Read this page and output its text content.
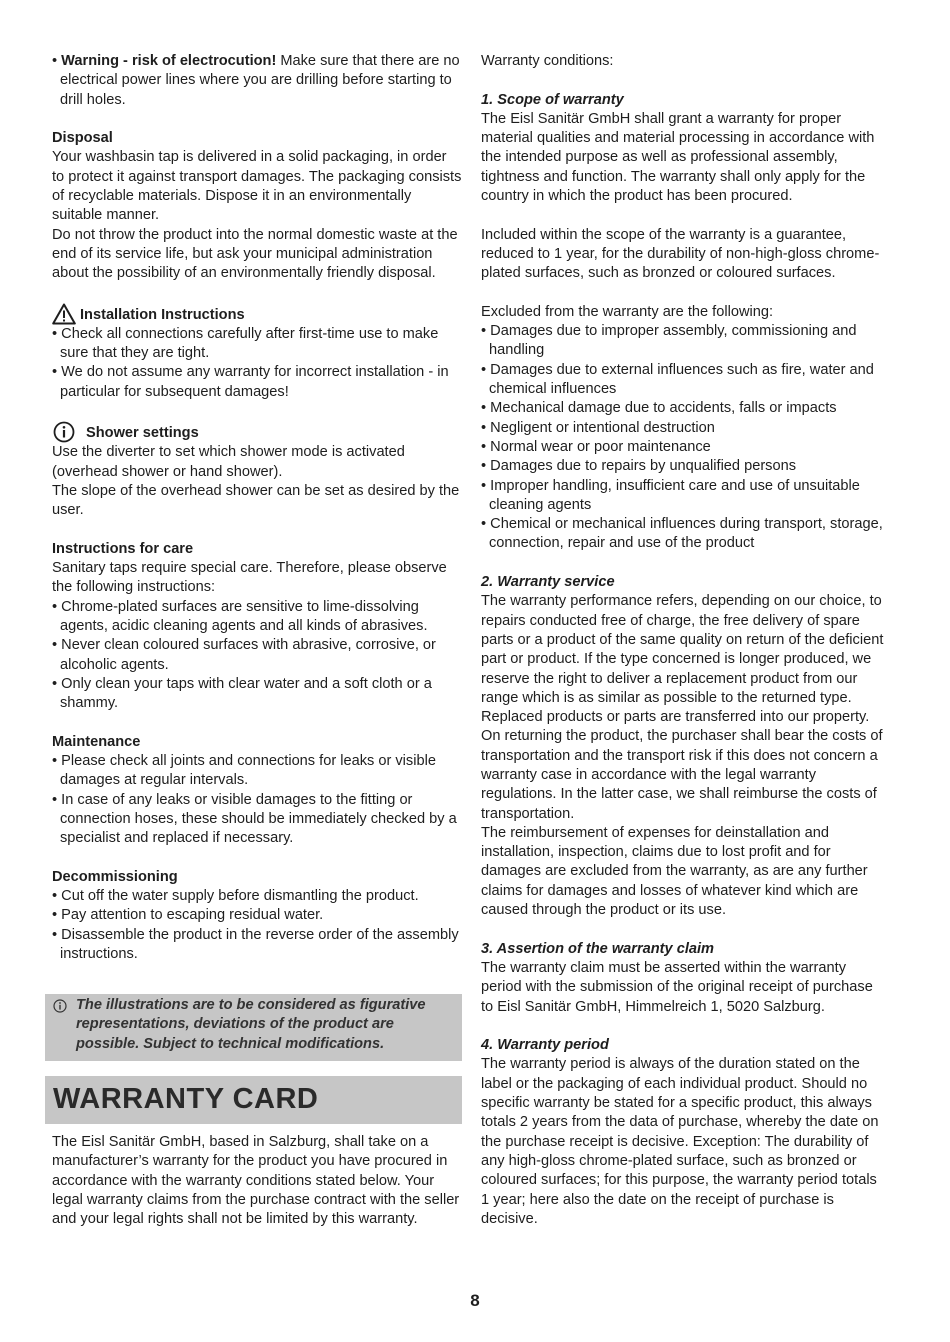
• Warning - risk of electrocution! Make sure that there are no electrical power lines where you are drilling before starting to drill holes.

Disposal

Your washbasin tap is delivered in a solid packaging, in order to protect it against transport damages. The packaging consists of recyclable materials. Dispose it in an environmentally suitable manner.

Do not throw the product into the normal domestic waste at the end of its service life, but ask your municipal administration about the possibility of an environmentally friendly disposal.

Installation Instructions
• Check all connections carefully after first-time use to make sure that they are tight.
• We do not assume any warranty for incorrect installation - in particular for subsequent damages!
Shower settings

Use the diverter to set which shower mode is activated (overhead shower or hand shower).

The slope of the overhead shower can be set as desired by the user.

Instructions for care

Sanitary taps require special care. Therefore, please observe the following instructions:

• Chrome-plated surfaces are sensitive to lime-dissolving agents, acidic cleaning agents and all kinds of abrasives.
• Never clean coloured surfaces with abrasive, corrosive, or alcoholic agents.
• Only clean your taps with clear water and a soft cloth or a shammy.

Maintenance

• Please check all joints and connections for leaks or visible damages at regular intervals.
• In case of any leaks or visible damages to the fitting or connection hoses, these should be immediately checked by a specialist and replaced if necessary.

Decommissioning

• Cut off the water supply before dismantling the product.
• Pay attention to escaping residual water.
• Disassemble the product in the reverse order of the assembly instructions.
The illustrations are to be considered as figurative representations, deviations of the product are possible. Subject to technical modifications.
WARRANTY CARD

The Eisl Sanitär GmbH, based in Salzburg, shall take on a manufacturer’s warranty for the product you have procured in accordance with the warranty conditions stated below. Your legal warranty claims from the purchase contract with the seller and your legal rights shall not be limited by this warranty.

Warranty conditions:

1. Scope of warranty

The Eisl Sanitär GmbH shall grant a warranty for proper material qualities and material processing in accordance with the intended purpose as well as professional assembly, tightness and function. The warranty shall only apply for the country in which the product has been procured.

Included within the scope of the warranty is a guarantee, reduced to 1 year, for the durability of non-high-gloss chrome-plated surfaces, such as bronzed or coloured surfaces.

Excluded from the warranty are the following:

• Damages due to improper assembly, commissioning and handling
• Damages due to external influences such as fire, water and chemical influences
• Mechanical damage due to accidents, falls or impacts
• Negligent or intentional destruction
• Normal wear or poor maintenance
• Damages due to repairs by unqualified persons
• Improper handling, insufficient care and use of unsuitable cleaning agents
• Chemical or mechanical influences during transport, storage, connection, repair and use of the product

2. Warranty service

The warranty performance refers, depending on our choice, to repairs conducted free of charge, the free delivery of spare parts or a product of the same quality on return of the deficient part or product. If the type concerned is longer produced, we reserve the right to deliver a replacement product from our range which is as similar as possible to the returned type.

Replaced products or parts are transferred into our property. On returning the product, the purchaser shall bear the costs of transportation and the transport risk if this does not concern a warranty case in accordance with the legal warranty regulations. In the latter case, we shall reimburse the costs of transportation.

The reimbursement of expenses for deinstallation and installation, inspection, claims due to lost profit and for damages are excluded from the warranty, as are any further claims for damages and losses of whatever kind which are caused through the product or its use.

3. Assertion of the warranty claim

The warranty claim must be asserted within the warranty period with the submission of the original receipt of purchase to Eisl Sanitär GmbH, Himmelreich 1, 5020 Salzburg.

4. Warranty period

The warranty period is always of the duration stated on the label or the packaging of each individual product. Should no specific warranty be stated for a specific product, this always totals 2 years from the data of purchase, whereby the date on the purchase receipt is decisive. Exception: The durability of any high-gloss chrome-plated surface, such as bronzed or coloured surfaces; for this purpose, the warranty period totals 1 year; here also the date on the receipt of purchase is decisive.

8
